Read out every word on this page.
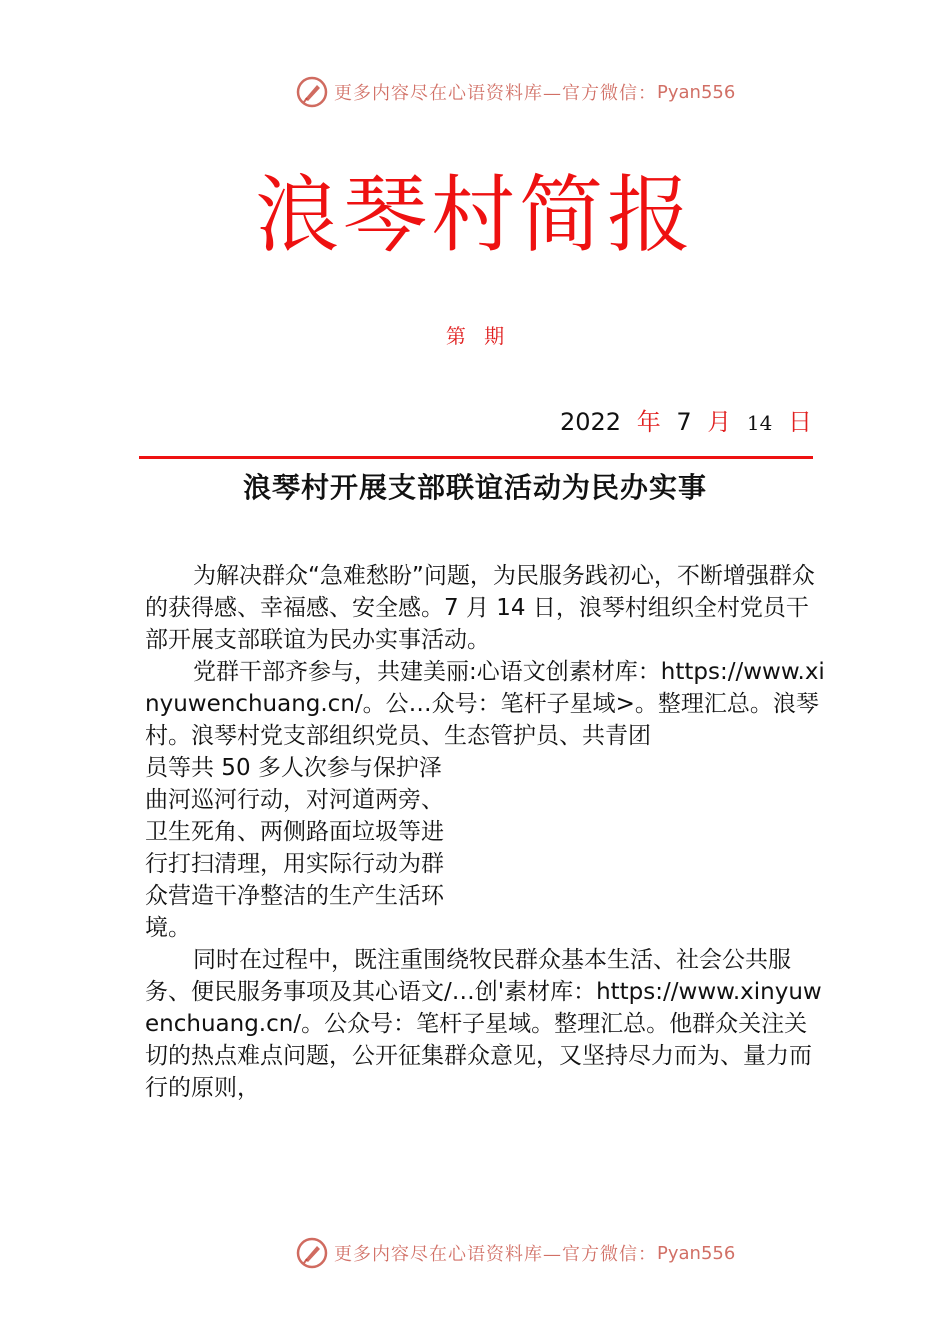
更多内容尽在心语资料库—官方微信： Pyan556
浪琴村简报
第 期
2022 年 7 月 14 日
浪琴村开展支部联谊活动为民办实事

为解决群众“急难愁盼”问题，为民服务践初心，不断增强群众的获得感、幸福感、安全感。7 月 14 日，浪琴村组织全村党员干部开展支部联谊为民办实事活动。

党群干部齐参与，共建美丽:心语文创素材库：https://www.xinyuwenchuang.cn/。公…众号：笔杆子星域>。整理汇总。浪琴村。浪琴村党支部组织党员、生态管护员、共青团

员等共 50 多人次参与保护泽曲河巡河行动，对河道两旁、卫生死角、两侧路面垃圾等进行打扫清理，用实际行动为群众营造干净整洁的生产生活环境。

同时在过程中，既注重围绕牧民群众基本生活、社会公共服务、便民服务事项及其心语文/…创'素材库：https://www.xinyuwenchuang.cn/。公众号：笔杆子星域。整理汇总。他群众关注关切的热点难点问题，公开征集群众意见，又坚持尽力而为、量力而行的原则，

更多内容尽在心语资料库—官方微信： Pyan556
